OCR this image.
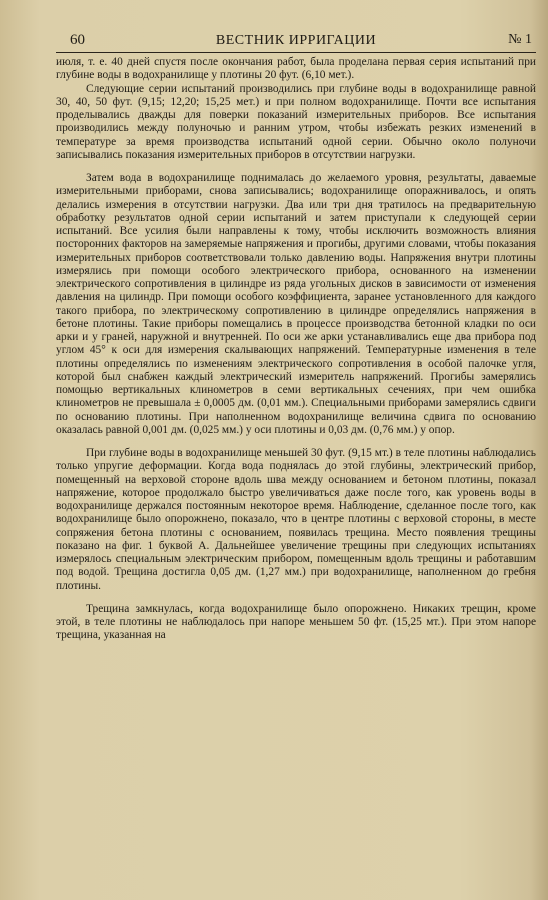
60	ВЕСТНИК ИРРИГАЦИИ	№ 1

июля, т. е. 40 дней спустя после окончания работ, была проделана первая серия испытаний при глубине воды в водохранилище у плотины 20 фут. (6,10 мет.).

Следующие серии испытаний производились при глубине воды в водохранилище равной 30, 40, 50 фут. (9,15; 12,20; 15,25 мет.) и при полном водохранилище. Почти все испытания проделывались дважды для поверки показаний измерительных приборов. Все испытания производились между полуночью и ранним утром, чтобы избежать резких изменений в температуре за время производства испытаний одной серии. Обычно около полуночи записывались показания измерительных приборов в отсутствии нагрузки.

Затем вода в водохранилище поднималась до желаемого уровня, результаты, даваемые измерительными приборами, снова записывались; водохранилище опоражнивалось, и опять делались измерения в отсутствии нагрузки. Два или три дня тратилось на предварительную обработку результатов одной серии испытаний и затем приступали к следующей серии испытаний. Все усилия были направлены к тому, чтобы исключить возможность влияния посторонних факторов на замеряемые напряжения и прогибы, другими словами, чтобы показания измерительных приборов соответствовали только давлению воды. Напряжения внутри плотины измерялись при помощи особого электрического прибора, основанного на изменении электрического сопротивления в цилиндре из ряда угольных дисков в зависимости от изменения давления на цилиндр. При помощи особого коэффициента, заранее установленного для каждого такого прибора, по электрическому сопротивлению в цилиндре определялись напряжения в бетоне плотины. Такие приборы помещались в процессе производства бетонной кладки по оси арки и у граней, наружной и внутренней. По оси же арки устанавливались еще два прибора под углом 45° к оси для измерения скалывающих напряжений. Температурные изменения в теле плотины определялись по изменениям электрического сопротивления в особой палочке угля, которой был снабжен каждый электрический измеритель напряжений. Прогибы замерялись помощью вертикальных клинометров в семи вертикальных сечениях, при чем ошибка клинометров не превышала ± 0,0005 дм. (0,01 мм.). Специальными приборами замерялись сдвиги по основанию плотины. При наполненном водохранилище величина сдвига по основанию оказалась равной 0,001 дм. (0,025 мм.) у оси плотины и 0,03 дм. (0,76 мм.) у опор.

При глубине воды в водохранилище меньшей 30 фут. (9,15 мт.) в теле плотины наблюдались только упругие деформации. Когда вода поднялась до этой глубины, электрический прибор, помещенный на верховой стороне вдоль шва между основанием и бетоном плотины, показал напряжение, которое продолжало быстро увеличиваться даже после того, как уровень воды в водохранилище держался постоянным некоторое время. Наблюдение, сделанное после того, как водохранилище было опорожнено, показало, что в центре плотины с верховой стороны, в месте сопряжения бетона плотины с основанием, появилась трещина. Место появления трещины показано на фиг. 1 буквой А. Дальнейшее увеличение трещины при следующих испытаниях измерялось специальным электрическим прибором, помещенным вдоль трещины и работавшим под водой. Трещина достигла 0,05 дм. (1,27 мм.) при водохранилище, наполненном до гребня плотины.

Трещина замкнулась, когда водохранилище было опорожнено. Никаких трещин, кроме этой, в теле плотины не наблюдалось при напоре меньшем 50 фт. (15,25 мт.). При этом напоре трещина, указанная на
